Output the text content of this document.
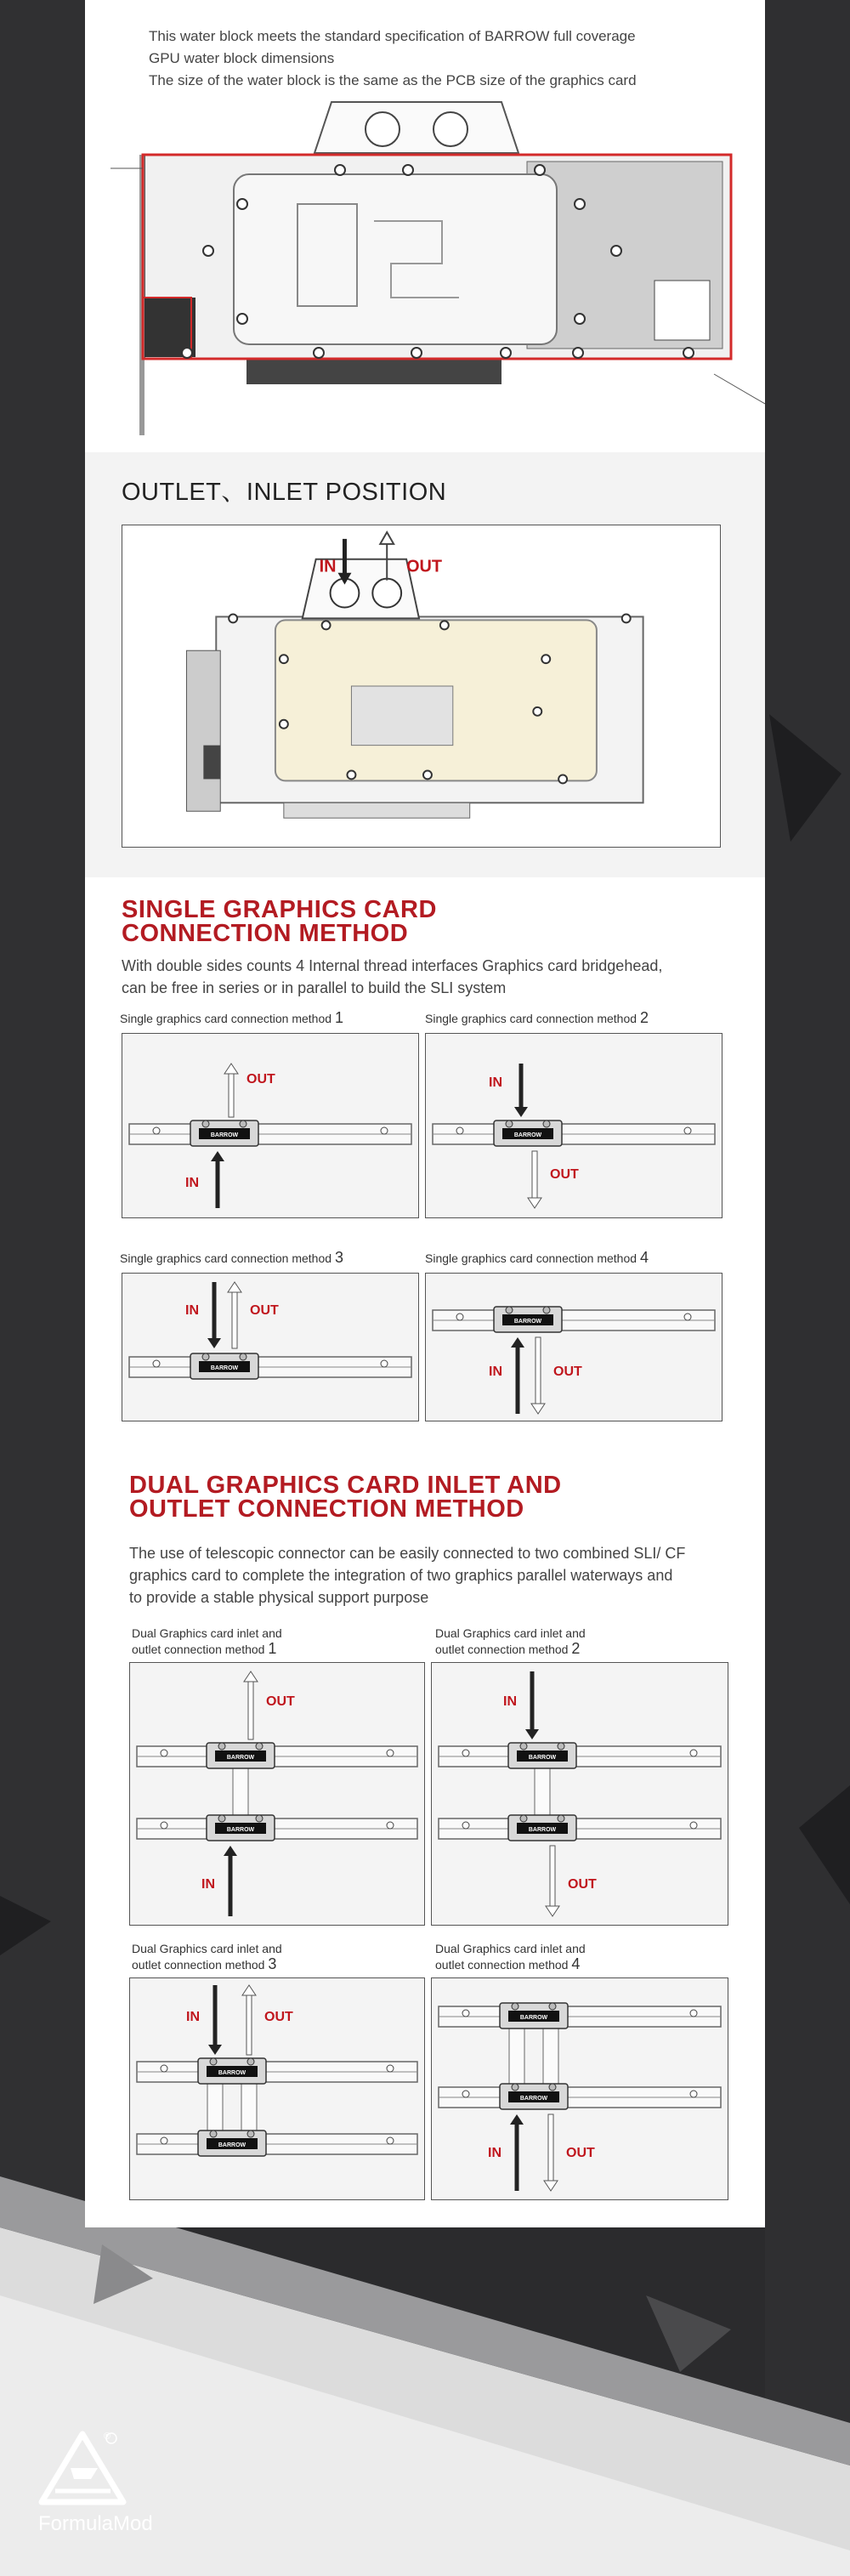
This water block meets the standard specification of BARROW full coverage
GPU water block dimensions
The size of the water block is the same as the PCB size of the graphics card
OUTLET、INLET POSITION
IN	OUT
SINGLE GRAPHICS CARD
CONNECTION METHOD
With double sides counts 4 Internal thread interfaces Graphics card bridgehead,
can be free in series or in parallel to build the SLI system
Single graphics card connection method 1	Single graphics card connection method 2
Single graphics card connection method 3	Single graphics card connection method 4
BARROW
OUT
IN
BARROW
IN
OUT
BARROW
IN	OUT
BARROW
IN	OUT
DUAL GRAPHICS CARD INLET AND
OUTLET CONNECTION METHOD
The use of telescopic connector can be easily connected to two combined SLI/ CF
graphics card to complete the integration of two graphics parallel waterways and
to provide a stable physical support purpose
Dual Graphics card inlet and
outlet connection method 1
Dual Graphics card inlet and
outlet connection method 2
Dual Graphics card inlet and
outlet connection method 3
Dual Graphics card inlet and
outlet connection method 4
BARROW
BARROW
OUT
IN
BARROW
BARROW
IN
OUT
BARROW
BARROW
IN	OUT	BARROW
BARROW
IN	OUT
®
FormulaMod
